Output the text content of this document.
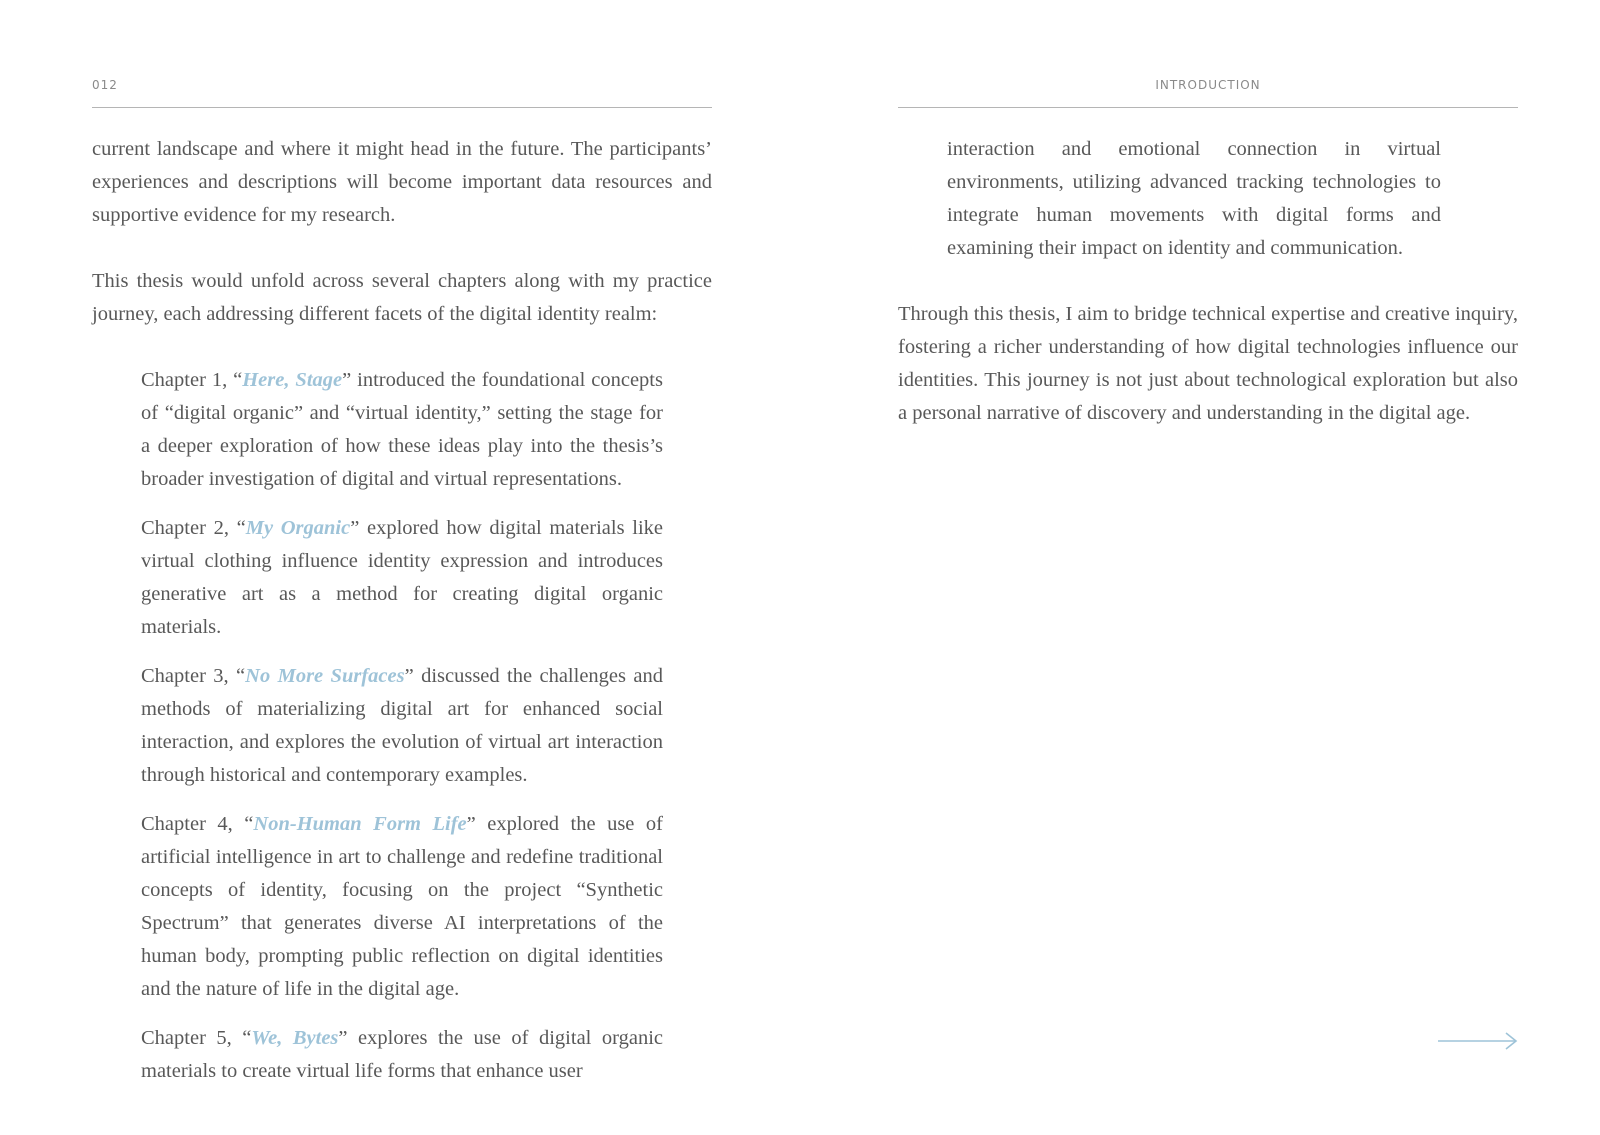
012

current landscape and where it might head in the future. The participants’ experiences and descriptions will become important data resources and supportive evidence for my research.

This thesis would unfold across several chapters along with my practice journey, each addressing different facets of the digital identity realm:

Chapter 1, “Here, Stage” introduced the foundational concepts of “digital organic” and “virtual identity,” setting the stage for a deeper exploration of how these ideas play into the thesis’s broader investigation of digital and virtual representations.
Chapter 2, “My Organic” explored how digital materials like virtual clothing influence identity expression and introduces generative art as a method for creating digital organic materials.
Chapter 3, “No More Surfaces” discussed the challenges and methods of materializing digital art for enhanced social interaction, and explores the evolution of virtual art interaction through historical and contemporary examples.
Chapter 4, “Non-Human Form Life” explored the use of artificial intelligence in art to challenge and redefine traditional concepts of identity, focusing on the project “Synthetic Spectrum” that generates diverse AI interpretations of the human body, prompting public reflection on digital identities and the nature of life in the digital age.
Chapter 5, “We, Bytes” explores the use of digital organic materials to create virtual life forms that enhance user
INTRODUCTION

interaction and emotional connection in virtual environments, utilizing advanced tracking technologies to integrate human movements with digital forms and examining their impact on identity and communication.

Through this thesis, I aim to bridge technical expertise and creative inquiry, fostering a richer understanding of how digital technologies influence our identities. This journey is not just about technological exploration but also a personal narrative of discovery and understanding in the digital age.
